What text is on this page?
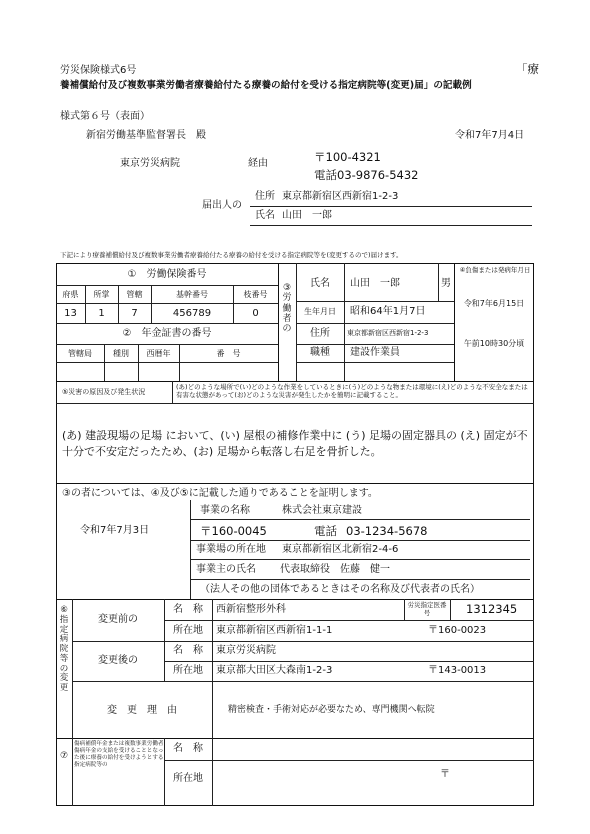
労災保険様式6号	「療
養補償給付及び複数事業労働者療養給付たる療養の給付を受ける指定病院等(変更)届」の記載例
様式第６号（表面）
新宿労働基準監督署長　殿	令和7年7月4日
東京労災病院	経由	〒100-4321
電話03-9876-5432
届出人の
住所 東京都新宿区西新宿1-2-3
氏名 山田　一郎
下記により療養補償給付及び複数事業労働者療養給付たる療養の給付を受ける指定病院等を(変更するので)届けます。
①　労働保険番号
府県	所掌	管轄	基幹番号	枝番号
13	1	7	456789	0
②　年金証書の番号
管轄局	種別	西暦年	番　号
③労働者の
氏名	山田　一郎	男
生年月日	昭和64年1月7日
住所	東京都新宿区西新宿1-2-3
職種	建設作業員
④負傷または発病年月日
令和7年6月15日
午前10時30分頃
⑤災害の原因及び発生状況
(あ)どのような場所で(い)どのような作業をしているときに(う)どのような物または環境に(え)どのような不安全なまたは有害な状態があって(お)どのような災害が発生したかを簡明に記載すること。
(あ) 建設現場の足場 において、(い) 屋根の補修作業中に (う) 足場の固定器具の (え) 固定が不十分で不安定だったため、(お) 足場から転落し右足を骨折した。
③の者については、④及び⑤に記載した通りであることを証明します。
令和7年7月3日
事業の名称	株式会社東京建設
〒160-0045	電話 03-1234-5678
事業場の所在地 東京都新宿区北新宿2-4-6
事業主の氏名 代表取締役　佐藤　健一
（法人その他の団体であるときはその名称及び代表者の氏名）
⑥指定病院等の変更
変更前の
名　称	西新宿整形外科	労災指定医番号	1312345
所在地	東京都新宿区西新宿1-1-1	〒160-0023
変更後の
名　称	東京労災病院
所在地	東京都大田区大森南1-2-3	〒143-0013
変　更　理　由	精密検査・手術対応が必要なため、専門機関へ転院
⑦
傷病補償年金または複数事業労働者傷病年金の支給を受けることとなった後に療養の給付を受けようとする指定病院等の
名　称
所在地	〒
